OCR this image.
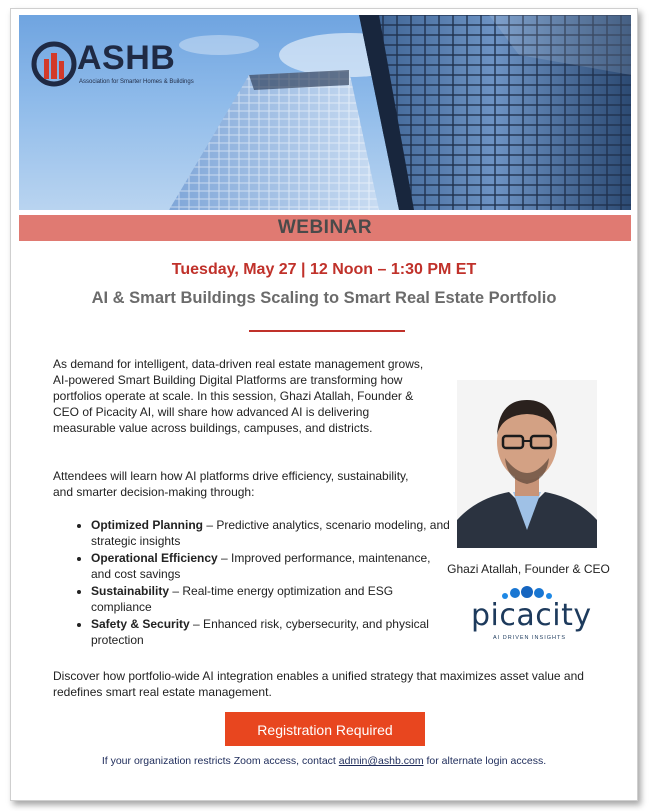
ASHB
Association for Smarter Homes & Buildings
WEBINAR
Tuesday, May 27 | 12 Noon – 1:30 PM ET
AI & Smart Buildings Scaling to Smart Real Estate Portfolio
As demand for intelligent, data-driven real estate management grows, AI-powered Smart Building Digital Platforms are transforming how portfolios operate at scale. In this session, Ghazi Atallah, Founder & CEO of Picacity AI, will share how advanced AI is delivering measurable value across buildings, campuses, and districts.
Attendees will learn how AI platforms drive efficiency, sustainability, and smarter decision-making through:
• Optimized Planning – Predictive analytics, scenario modeling, and strategic insights
• Operational Efficiency – Improved performance, maintenance, and cost savings
• Sustainability – Real-time energy optimization and ESG compliance
• Safety & Security – Enhanced risk, cybersecurity, and physical protection
Ghazi Atallah, Founder & CEO
picacity
AI DRIVEN INSIGHTS
Discover how portfolio-wide AI integration enables a unified strategy that maximizes asset value and redefines smart real estate management.
Registration Required
If your organization restricts Zoom access, contact admin@ashb.com for alternate login access.
